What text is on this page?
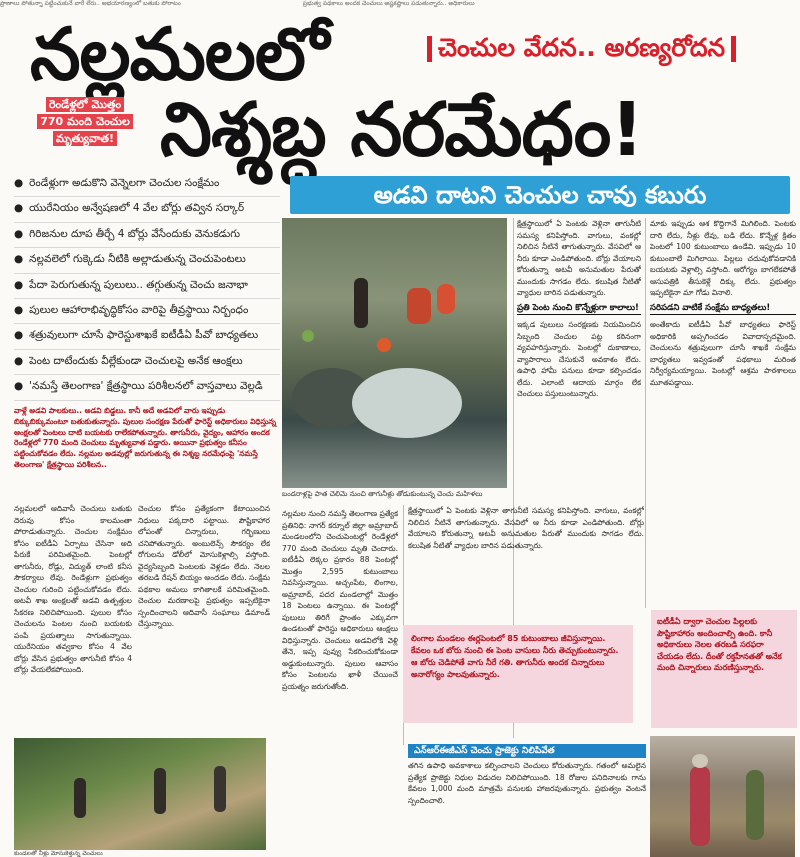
ప్రాణాలు పోతున్నా పట్టించుకునే వారే లేరు.. అభయారణ్యంలో బతుకు పోరాటం	ప్రభుత్వ పథకాలు అందక చెంచులు అష్టకష్టాలు పడుతున్నారు.. అధికారులు
నల్లమలలో
నిశ్శబ్ద నరమేధం!
చెంచుల వేదన.. అరణ్యరోదన
రెండేళ్లలో మొత్తం
770 మంది చెంచుల
మృత్యువాత!
● రెండేళ్లుగా అడుకొని వెన్నెలగా చెంచుల సంక్షేమం
● యురేనియం అన్వేషణలో 4 వేల బోర్లు తవ్విన సర్కార్
● గిరిజనుల దూప తీర్చే 4 బోర్లు వేసేందుకు వెనుకడుగు
● నల్లవలెలో గుక్కెడు నీటికి అల్లాడుతున్న చెంచుపెంటలు
● పేదా పెరుగుతున్న పులులు.. తగ్గుతున్న చెంచు జనాభా
● పులుల ఆహారాభివృద్ధికోసం వారిపై తీవ్రస్థాయి నిర్బంధం
● శత్రువులుగా చూసే ఫారెస్టుశాఖకే ఐటీడీఏ పీవో బాధ్యతలు
● పెంట దాటేందుకు వీల్లేకుండా చెంచులపై అనేక ఆంక్షలు
● 'నమస్తే తెలంగాణ' క్షేత్రస్థాయి పరిశీలనలో వాస్తవాలు వెల్లడి
వాళ్లే అడవి పాలకులు.. అడవి బిడ్డలు. కానీ అదే అడవిలో వారు ఇప్పుడు బిక్కుబిక్కుమంటూ బతుకుతున్నారు. పులుల సంరక్షణ పేరుతో ఫారెస్ట్ అధికారులు విధిస్తున్న ఆంక్షలతో పెంటలు దాటి బయటకు రాలేకపోతున్నారు. తాగునీరు, వైద్యం, ఆహారం అందక రెండేళ్లలో 770 మంది చెంచులు మృత్యువాత పడ్డారు. అయినా ప్రభుత్వం కనీసం పట్టించుకోవడం లేదు. నల్లమల అడవుల్లో జరుగుతున్న ఈ నిశ్శబ్ద నరమేధంపై 'నమస్తే తెలంగాణ' క్షేత్రస్థాయి పరిశీలన..
అడవి దాటని చెంచుల చావు కబురు
బండరాళ్లపై పాత చెలిమె నుంచి తాగునీళ్లు తోడుకుంటున్న చెంచు మహిళలు
నల్లమలలో ఆదివాసీ చెంచులు బతుకు దెరువు కోసం కాలమంతా పోరాడుతున్నారు. చెంచుల సంక్షేమం కోసం ఐటీడీఏ ఏర్పాటు చేసినా అది పేరుకే పరిమితమైంది. పెంటల్లో తాగునీరు, రోడ్లు, విద్యుత్ లాంటి కనీస సౌకర్యాలు లేవు. రెండేళ్లుగా ప్రభుత్వం చెంచుల గురించి పట్టించుకోవడం లేదు. అటవీ శాఖ ఆంక్షలతో అడవి ఉత్పత్తుల సేకరణ నిలిచిపోయింది. పులుల కోసం చెంచులను పెంటల నుంచి బయటకు పంపే ప్రయత్నాలు సాగుతున్నాయి. యురేనియం తవ్వకాల కోసం 4 వేల బోర్లు వేసిన ప్రభుత్వం తాగునీటి కోసం 4 బోర్లు వేయలేకపోయింది.
చెంచుల కోసం ప్రత్యేకంగా కేటాయించిన నిధులు పక్కదారి పట్టాయి. పౌష్టికాహార లోపంతో చిన్నారులు, గర్భిణులు చనిపోతున్నారు. అంబులెన్స్ సౌకర్యం లేక రోగులను డోలీలో మోసుకెళ్లాల్సి వస్తోంది. వైద్యసిబ్బంది పెంటలకు వెళ్లడం లేదు. నెలల తరబడి రేషన్ బియ్యం అందడం లేదు. సంక్షేమ పథకాల అమలు కాగితాలకే పరిమితమైంది. చెంచుల మరణాలపై ప్రభుత్వం ఇప్పటికైనా స్పందించాలని ఆదివాసీ సంఘాలు డిమాండ్ చేస్తున్నాయి.
నల్లమల నుంచి నమస్తే తెలంగాణ ప్రత్యేక ప్రతినిధి: నాగర్ కర్నూల్ జిల్లా అమ్రాబాద్ మండలంలోని చెంచుపెంటల్లో రెండేళ్లలో 770 మంది చెంచులు మృతి చెందారు. ఐటీడీఏ లెక్కల ప్రకారం 88 పెంటల్లో మొత్తం 2,595 కుటుంబాలు నివసిస్తున్నాయి. అచ్చంపేట, లింగాల, అమ్రాబాద్, పదర మండలాల్లో మొత్తం 18 పెంటలు ఉన్నాయి. ఈ పెంటల్లో పులులు తిరిగే ప్రాంతం ఎక్కువగా ఉండటంతో ఫారెస్టు అధికారులు ఆంక్షలు విధిస్తున్నారు. చెంచులు అడవిలోకి వెళ్లి తేనె, ఇప్ప పువ్వు సేకరించుకోకుండా అడ్డుకుంటున్నారు. పులుల ఆవాసం కోసం పెంటలను ఖాళీ చేయించే ప్రయత్నం జరుగుతోంది.
క్షేత్రస్థాయిలో ఏ పెంటకు వెళ్లినా తాగునీటి సమస్య కనిపిస్తోంది. వాగులు, వంకల్లో నిలిచిన నీటినే తాగుతున్నారు. వేసవిలో ఆ నీరు కూడా ఎండిపోతుంది. బోర్లు వేయాలని కోరుతున్నా అటవీ అనుమతుల పేరుతో ముందుకు సాగడం లేదు. కలుషిత నీటితో వ్యాధుల బారిన పడుతున్నారు.
ప్రతి పెంట నుంచి కొన్నేళ్లుగా కాలాలు!
ఇక్కడ పులులు సంరక్షణకు నియమించిన సిబ్బంది చెంచుల పట్ల కఠినంగా వ్యవహరిస్తున్నారు. పెంటల్లో దుకాణాలు, వ్యాపారాలు చేసుకునే అవకాశం లేదు. ఉపాధి హామీ పనులు కూడా కల్పించడం లేదు. ఎలాంటి ఆదాయ మార్గం లేక చెంచులు పస్తులుంటున్నారు.
మాకు ఇప్పుడు ఆశ కొద్దిగానే మిగిలింది. పెంటకు దారి లేదు, నీళ్లు లేవు, బడి లేదు. కొన్నేళ్ల క్రితం పెంటలో 100 కుటుంబాలు ఉండేవి. ఇప్పుడు 10 కుటుంబాలే మిగిలాయి. పిల్లలు చదువుకోవడానికి బయటకు వెళ్లాల్సి వస్తోంది. ఆరోగ్యం బాగలేకపోతే ఆసుపత్రికి తీసుకెళ్లే దిక్కు లేదు. ప్రభుత్వం ఇప్పటికైనా మా గోడు వినాలి.
సరిపడని వాటికే సంక్షేమ బాధ్యతలు!
అంతేకాదు ఐటీడీఏ పీవో బాధ్యతలు ఫారెస్ట్ అధికారికి అప్పగించడం వివాదాస్పదమైంది. చెంచులను శత్రువులుగా చూసే శాఖకే సంక్షేమ బాధ్యతలు ఇవ్వడంతో పథకాలు మరింత నిర్వీర్యమయ్యాయి. పెంటల్లో ఆశ్రమ పాఠశాలలు మూతపడ్డాయి.
లింగాల మండలం ఈర్లపెంటలో 85 కుటుంబాలు జీవిస్తున్నాయి. కేవలం ఒక బోరు నుంచి ఈ పెంట వాసులు నీరు తెచ్చుకుంటున్నారు. ఆ బోరు చెడిపోతే వాగు నీరే గతి. తాగునీరు అందక చిన్నారులు అనారోగ్యం పాలవుతున్నారు.
ఐటీడీఏ ద్వారా చెంచుల పిల్లలకు పౌష్టికాహారం అందించాల్సి ఉంది. కానీ అధికారులు నెలల తరబడి సరఫరా చేయడం లేదు. దీంతో రక్తహీనతతో అనేక మంది చిన్నారులు మరణిస్తున్నారు.
క్షేత్రస్థాయిలో ఏ పెంటకు వెళ్లినా తాగునీటి సమస్య కనిపిస్తోంది. వాగులు, వంకల్లో నిలిచిన నీటినే తాగుతున్నారు. వేసవిలో ఆ నీరు కూడా ఎండిపోతుంది. బోర్లు వేయాలని కోరుతున్నా అటవీ అనుమతుల పేరుతో ముందుకు సాగడం లేదు. కలుషిత నీటితో వ్యాధుల బారిన పడుతున్నారు.
ఎన్‌ఆర్‌ఈజీఎస్ చెంచు ప్రాజెక్టు నిలిపివేత
తగిన ఉపాధి అవకాశాలు కల్పించాలని చెంచులు కోరుతున్నారు. గతంలో అమలైన ప్రత్యేక ప్రాజెక్టు నిధుల విడుదల నిలిచిపోయింది. 18 రోజుల పనిదినాలకు గాను కేవలం 1,000 మంది మాత్రమే పనులకు హాజరవుతున్నారు. ప్రభుత్వం వెంటనే స్పందించాలి.
కుండలతో నీళ్లు మోసుకెళ్తున్న చెంచులు
